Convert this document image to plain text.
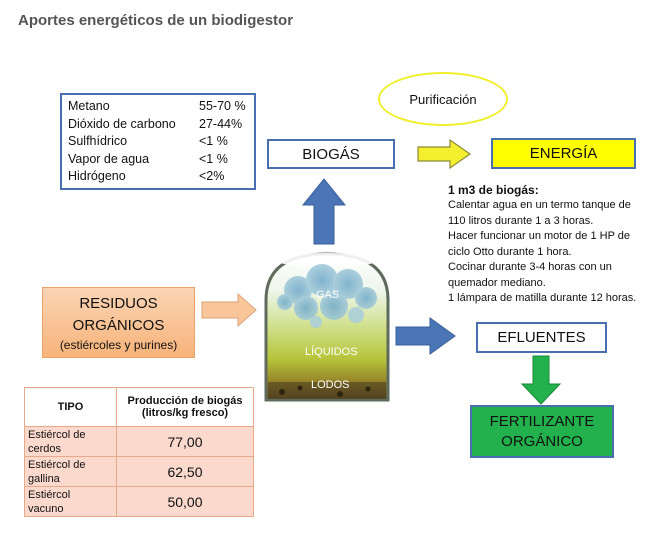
Aportes energéticos de un biodigestor
Metano	55-70 %
Dióxido de carbono	27-44%
Sulfhídrico	<1 %
Vapor de agua	<1 %
Hidrógeno	<2%
Purificación
BIOGÁS	ENERGÍA
EFLUENTES
FERTILIZANTE
ORGÁNICO
RESIDUOS
ORGÁNICOS
(estiércoles y purines)
GAS
LÍQUIDOS
LODOS
1 m3 de biogás:
Calentar agua en un termo tanque de
110 litros durante 1 a 3 horas.
Hacer funcionar un motor de 1 HP de
ciclo Otto durante 1 hora.
Cocinar durante 3-4 horas con un
quemador mediano.
1 lámpara de matilla durante 12 horas.
TIPO	Producción de biogás
(litros/kg fresco)
Estiércol de
cerdos	77,00
Estiércol de
gallina	62,50
Estiércol
vacuno	50,00
